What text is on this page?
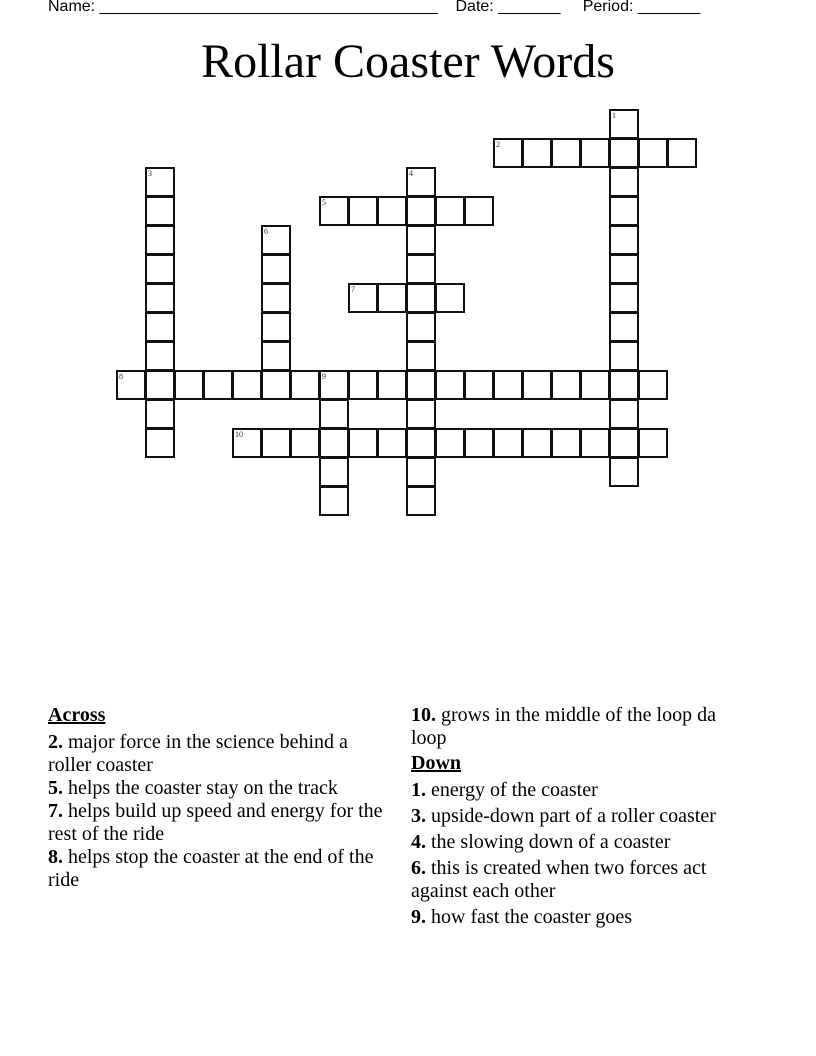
Name: ______________________________________ Date: _______ Period: _______
Rollar Coaster Words
1
2
3	4
5
6
7
8	9
10
Across
2. major force in the science behind a roller coaster
5. helps the coaster stay on the track
7. helps build up speed and energy for the rest of the ride
8. helps stop the coaster at the end of the ride
10. grows in the middle of the loop da loop
Down
1. energy of the coaster
3. upside-down part of a roller coaster
4. the slowing down of a coaster
6. this is created when two forces act against each other
9. how fast the coaster goes
